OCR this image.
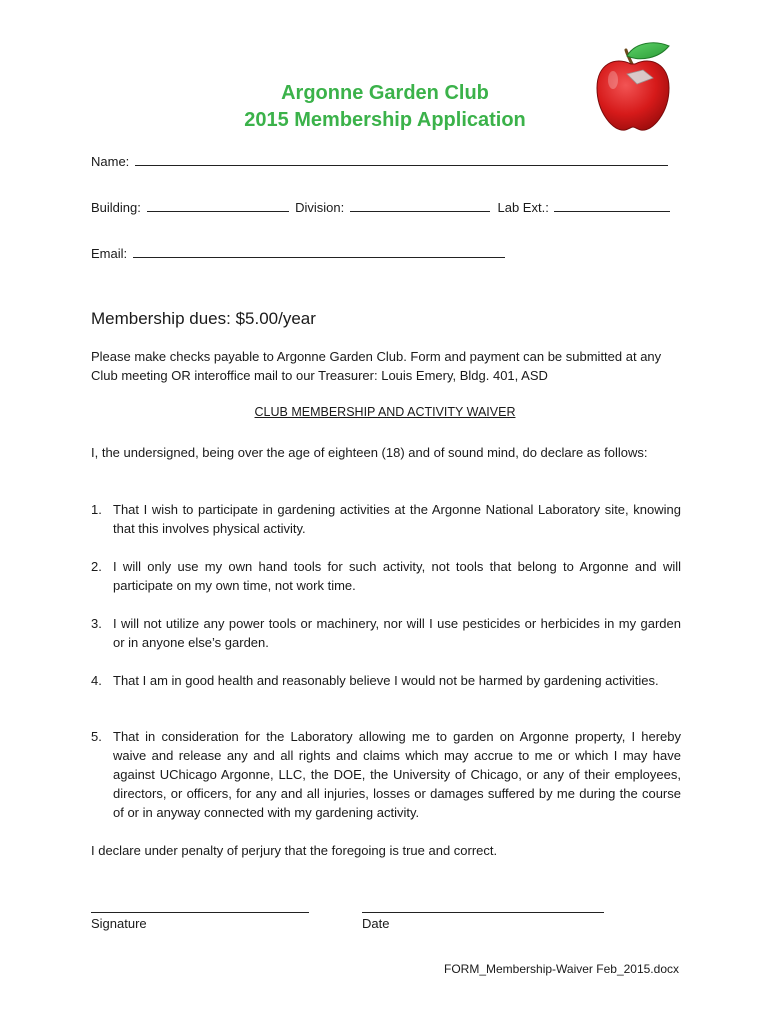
Argonne Garden Club
2015 Membership Application
Name:
Building:	Division:	Lab Ext.:
Email:
Membership dues: $5.00/year
Please make checks payable to Argonne Garden Club. Form and payment can be submitted at any Club meeting OR interoffice mail to our Treasurer: Louis Emery, Bldg. 401, ASD
CLUB MEMBERSHIP AND ACTIVITY WAIVER
I, the undersigned, being over the age of eighteen (18) and of sound mind, do declare as follows:
1. That I wish to participate in gardening activities at the Argonne National Laboratory site, knowing that this involves physical activity.
2. I will only use my own hand tools for such activity, not tools that belong to Argonne and will participate on my own time, not work time.
3. I will not utilize any power tools or machinery, nor will I use pesticides or herbicides in my garden or in anyone else’s garden.
4. That I am in good health and reasonably believe I would not be harmed by gardening activities.
5. That in consideration for the Laboratory allowing me to garden on Argonne property, I hereby waive and release any and all rights and claims which may accrue to me or which I may have against UChicago Argonne, LLC, the DOE, the University of Chicago, or any of their employees, directors, or officers, for any and all injuries, losses or damages suffered by me during the course of or in anyway connected with my gardening activity.
I declare under penalty of perjury that the foregoing is true and correct.
Signature	Date
FORM_Membership-Waiver Feb_2015.docx
